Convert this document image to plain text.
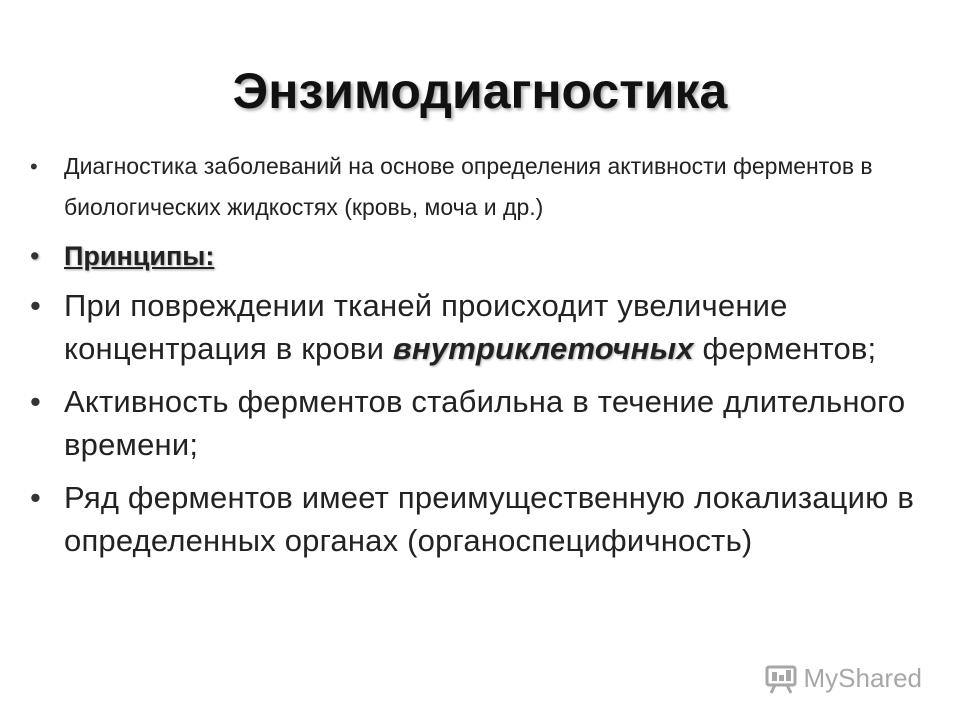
Энзимодиагностика
• Диагностика заболеваний на основе определения активности ферментов в биологических жидкостях (кровь, моча и др.)
• Принципы:
• При повреждении тканей происходит увеличение концентрация в крови внутриклеточных ферментов;
• Активность ферментов стабильна в течение длительного времени;
• Ряд ферментов имеет преимущественную локализацию в определенных органах (органоспецифичность)
MyShared
